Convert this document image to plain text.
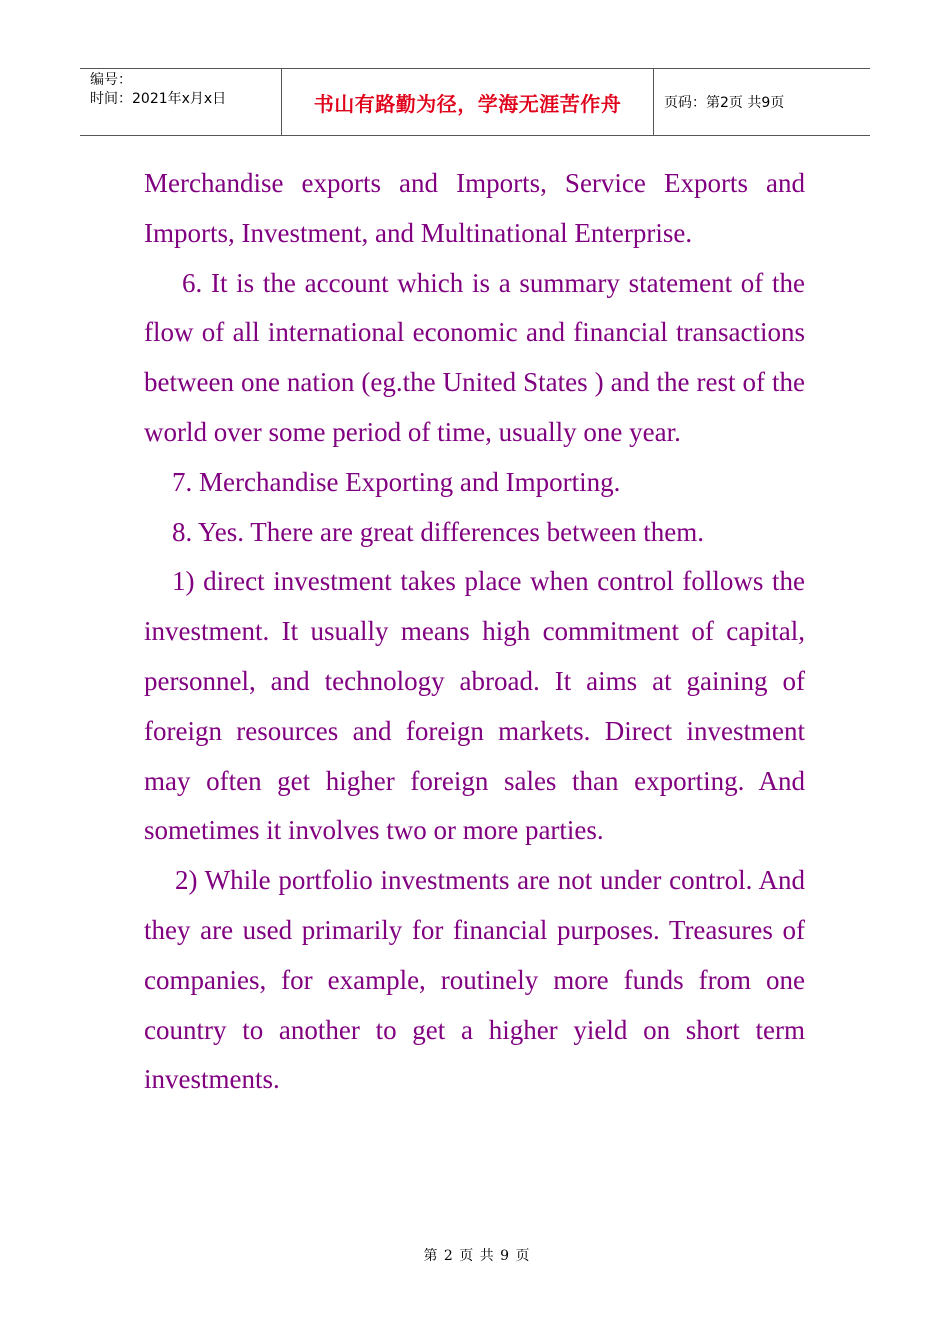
编号：
时间：2021年x月x日	书山有路勤为径，学海无涯苦作舟	页码：第2页 共9页

Merchandise exports and Imports, Service Exports and Imports, Investment, and Multinational Enterprise.

6. It is the account which is a summary statement of the flow of all international economic and financial transactions between one nation (eg.the United States ) and the rest of the world over some period of time, usually one year.

7. Merchandise Exporting and Importing.

8. Yes. There are great differences between them.

1) direct investment takes place when control follows the investment. It usually means high commitment of capital, personnel, and technology abroad. It aims at gaining of foreign resources and foreign markets. Direct investment may often get higher foreign sales than exporting. And sometimes it involves two or more parties.

2) While portfolio investments are not under control. And they are used primarily for financial purposes. Treasures of companies, for example, routinely more funds from one country to another to get a higher yield on short term investments.

第 2 页 共 9 页
